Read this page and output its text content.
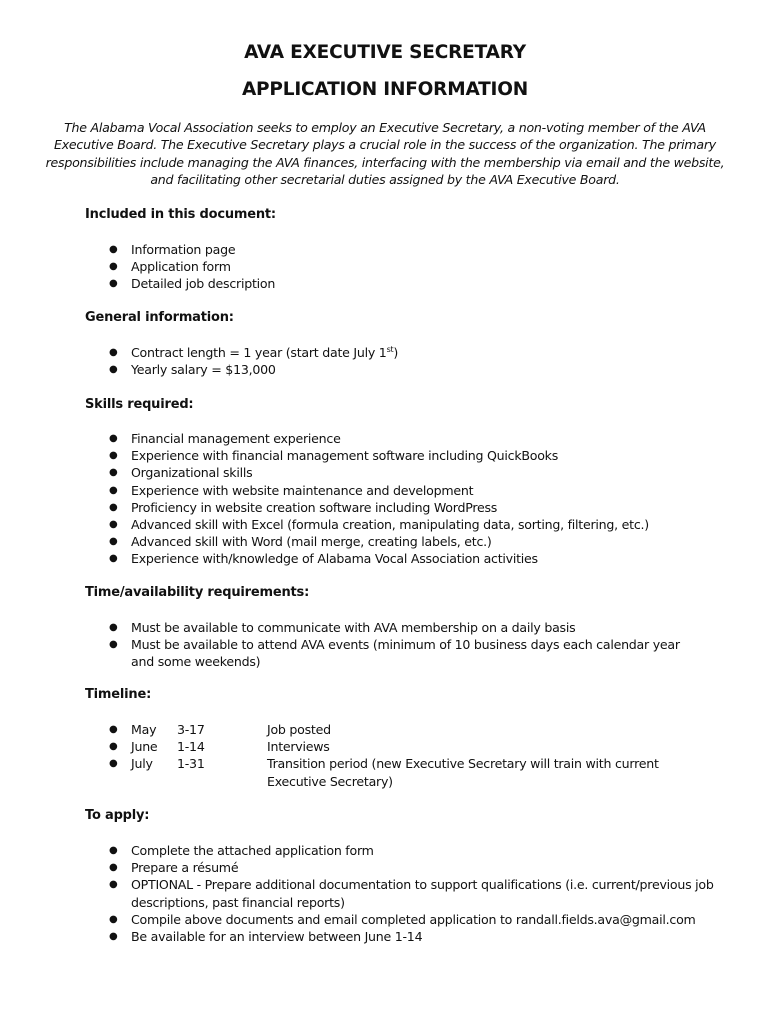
AVA EXECUTIVE SECRETARY
APPLICATION INFORMATION

The Alabama Vocal Association seeks to employ an Executive Secretary, a non-voting member of the AVA Executive Board. The Executive Secretary plays a crucial role in the success of the organization. The primary responsibilities include managing the AVA finances, interfacing with the membership via email and the website, and facilitating other secretarial duties assigned by the AVA Executive Board.

Included in this document:

● Information page
● Application form
● Detailed job description

General information:

● Contract length = 1 year (start date July 1st)
● Yearly salary = $13,000

Skills required:

● Financial management experience
● Experience with financial management software including QuickBooks
● Organizational skills
● Experience with website maintenance and development
● Proficiency in website creation software including WordPress
● Advanced skill with Excel (formula creation, manipulating data, sorting, filtering, etc.)
● Advanced skill with Word (mail merge, creating labels, etc.)
● Experience with/knowledge of Alabama Vocal Association activities

Time/availability requirements:

● Must be available to communicate with AVA membership on a daily basis
● Must be available to attend AVA events (minimum of 10 business days each calendar year and some weekends)

Timeline:

● May 3-17	Job posted
● June 1-14	Interviews
● July 1-31	Transition period (new Executive Secretary will train with current Executive Secretary)

To apply:

● Complete the attached application form
● Prepare a résumé
● OPTIONAL - Prepare additional documentation to support qualifications (i.e. current/previous job descriptions, past financial reports)
● Compile above documents and email completed application to randall.fields.ava@gmail.com
● Be available for an interview between June 1-14
